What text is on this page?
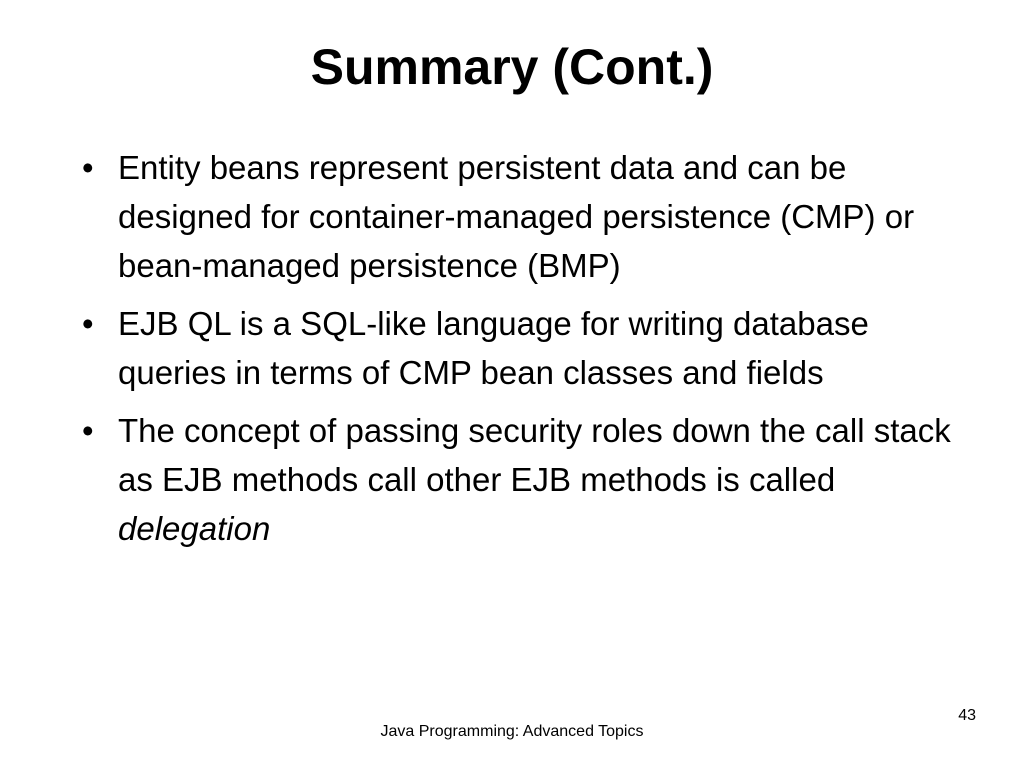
Summary (Cont.)
• Entity beans represent persistent data and can be designed for container-managed persistence (CMP) or bean-managed persistence (BMP)
• EJB QL is a SQL-like language for writing database queries in terms of CMP bean classes and fields
• The concept of passing security roles down the call stack as EJB methods call other EJB methods is called delegation
43
Java Programming: Advanced Topics
